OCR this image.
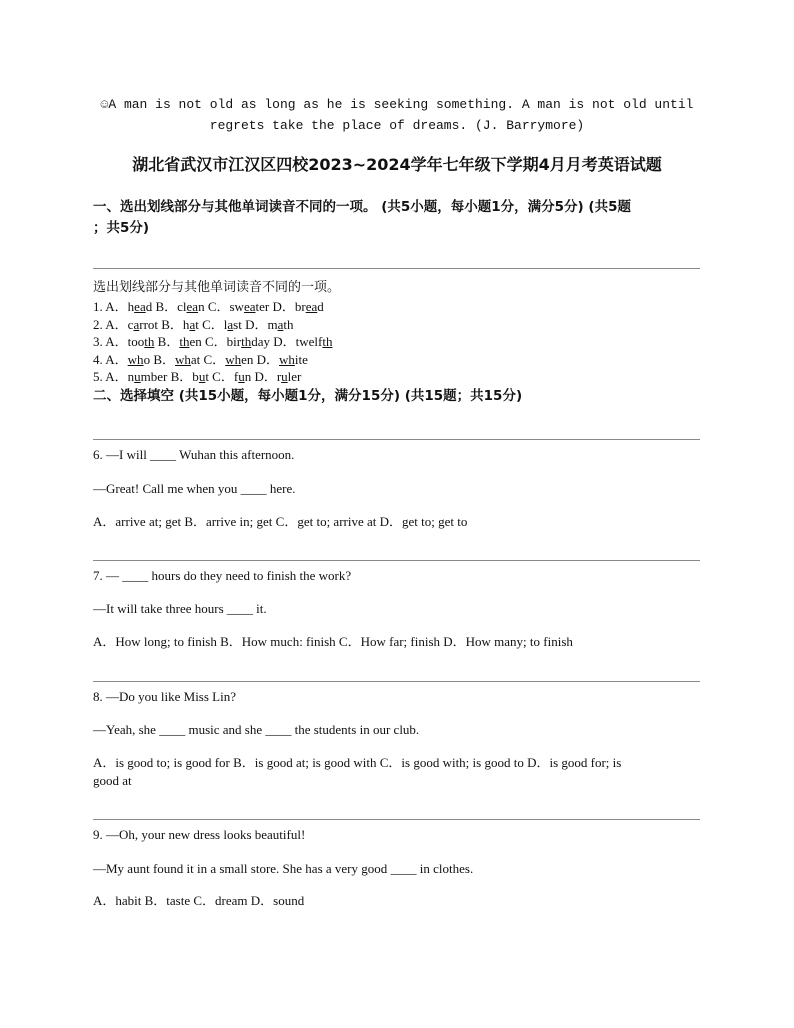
☺A man is not old as long as he is seeking something. A man is not old until
regrets take the place of dreams. (J. Barrymore)
湖北省武汉市江汉区四校2023~2024学年七年级下学期4月月考英语试题
一、选出划线部分与其他单词读音不同的一项。 (共5小题，每小题1分，满分5分) (共5题
；共5分)
选出划线部分与其他单词读音不同的一项。
1. A．head B．clean C．sweater D．bread
2. A．carrot B．hat C．last D．math
3. A．tooth B．then C．birthday D．twelfth
4. A．who B．what C．when D．white
5. A．number B．but C．fun D．ruler
二、选择填空 (共15小题，每小题1分，满分15分) (共15题；共15分)
6. —I will ____ Wuhan this afternoon.
—Great! Call me when you ____ here.
A．arrive at; get B．arrive in; get C．get to; arrive at D．get to; get to
7. — ____ hours do they need to finish the work?
—It will take three hours ____ it.
A．How long; to finish B．How much: finish C．How far; finish D．How many; to finish
8. —Do you like Miss Lin?
—Yeah, she ____ music and she ____ the students in our club.
A．is good to; is good for B．is good at; is good with C．is good with; is good to D．is good for; is good at
9. —Oh, your new dress looks beautiful!
—My aunt found it in a small store. She has a very good ____ in clothes.
A．habit B．taste C．dream D．sound
